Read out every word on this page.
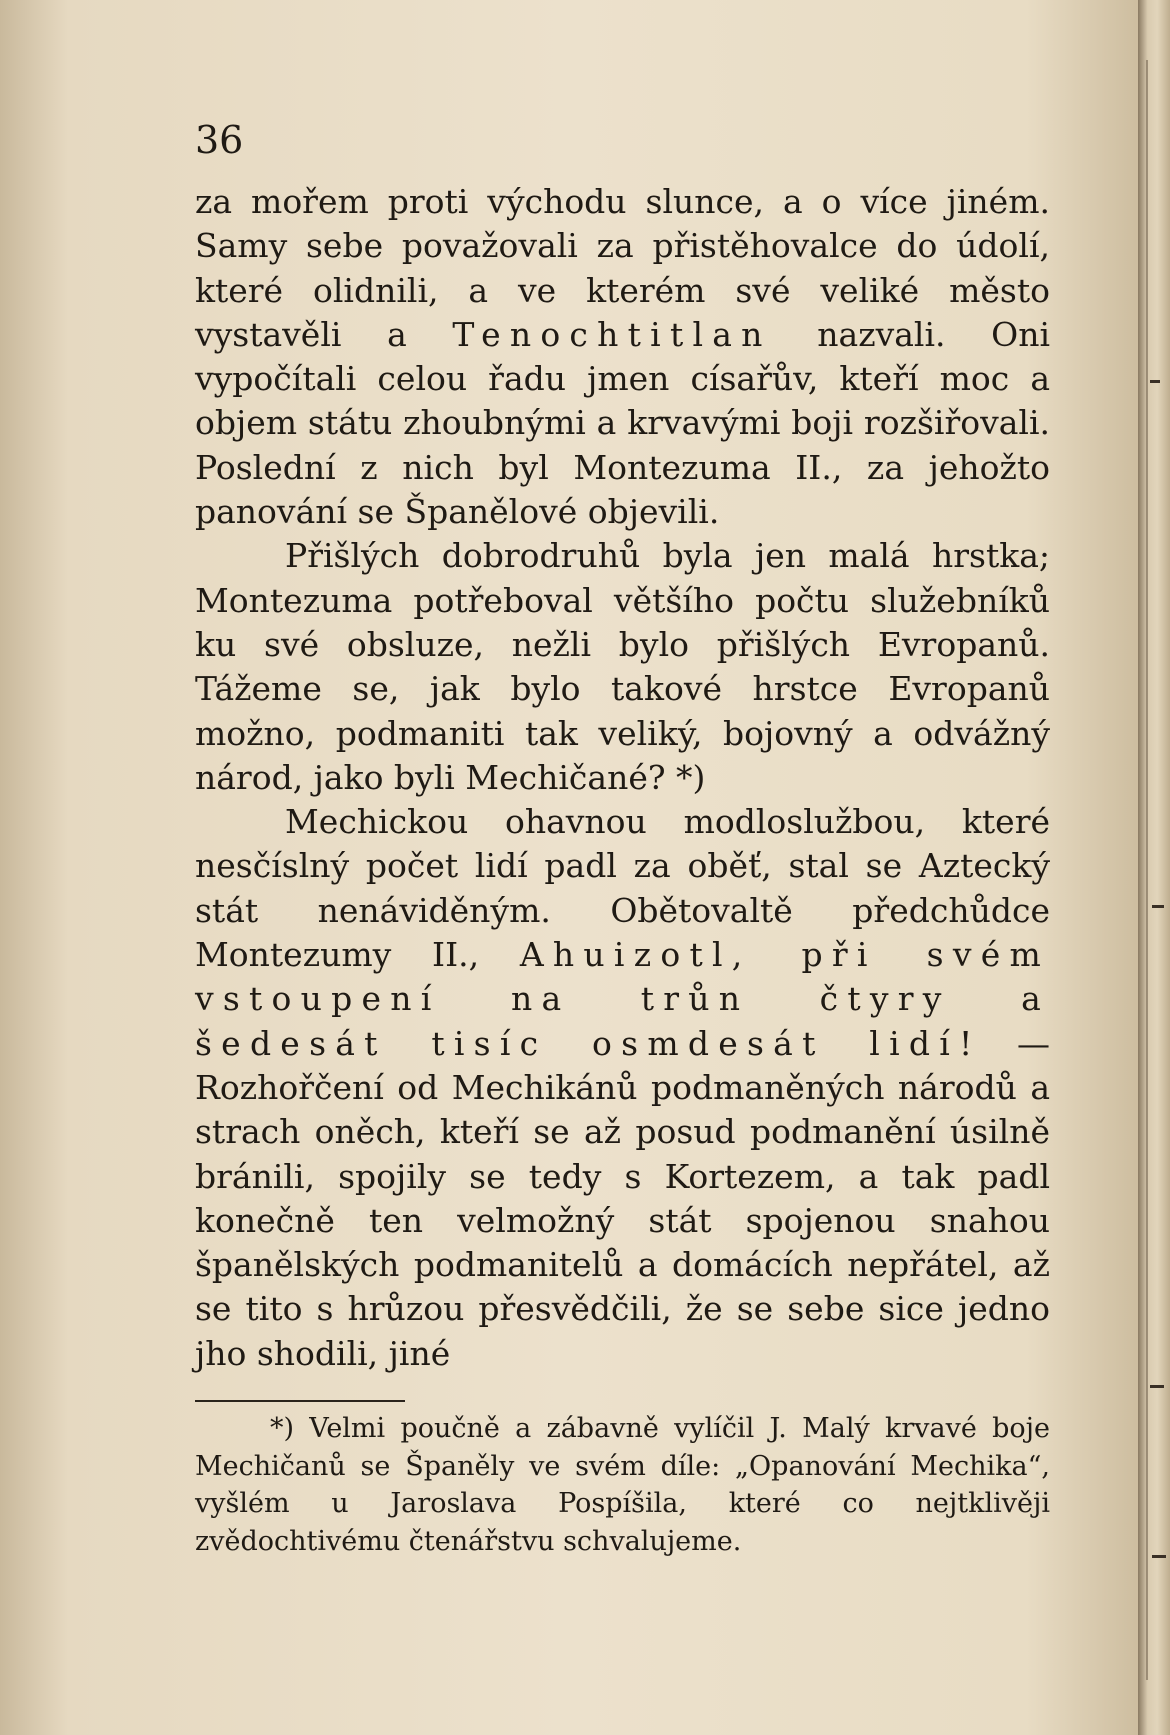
36

za mořem proti východu slunce, a o více jiném. Samy sebe považovali za přistěhovalce do údolí, které olidnili, a ve kterém své veliké město vystavěli a Tenochtitlan nazvali. Oni vypočítali celou řadu jmen císařův, kteří moc a objem státu zhoubnými a krvavými boji rozšiřovali. Poslední z nich byl Montezuma II., za jehožto panování se Španělové objevili.

Přišlých dobrodruhů byla jen malá hrstka; Montezuma potřeboval většího počtu služebníků ku své obsluze, nežli bylo přišlých Evropanů. Tážeme se, jak bylo takové hrstce Evropanů možno, podmaniti tak veliký, bojovný a odvážný národ, jako byli Mechičané? *)

Mechickou ohavnou modloslužbou, které nesčíslný počet lidí padl za oběť, stal se Aztecký stát nenáviděným. Obětovaltě předchůdce Montezumy II., Ahuizotl, při svém vstoupení na trůn čtyry a šedesát tisíc osmdesát lidí! — Rozhořčení od Mechikánů podmaněných národů a strach oněch, kteří se až posud podmanění úsilně bránili, spojily se tedy s Kortezem, a tak padl konečně ten velmožný stát spojenou snahou španělských podmanitelů a domácích nepřátel, až se tito s hrůzou přesvědčili, že se sebe sice jedno jho shodili, jiné

*) Velmi poučně a zábavně vylíčil J. Malý krvavé boje Mechičanů se Španěly ve svém díle: „Opanování Mechika“, vyšlém u Jaroslava Pospíšila, které co nejtklivěji zvědochtivému čtenářstvu schvalujeme.
